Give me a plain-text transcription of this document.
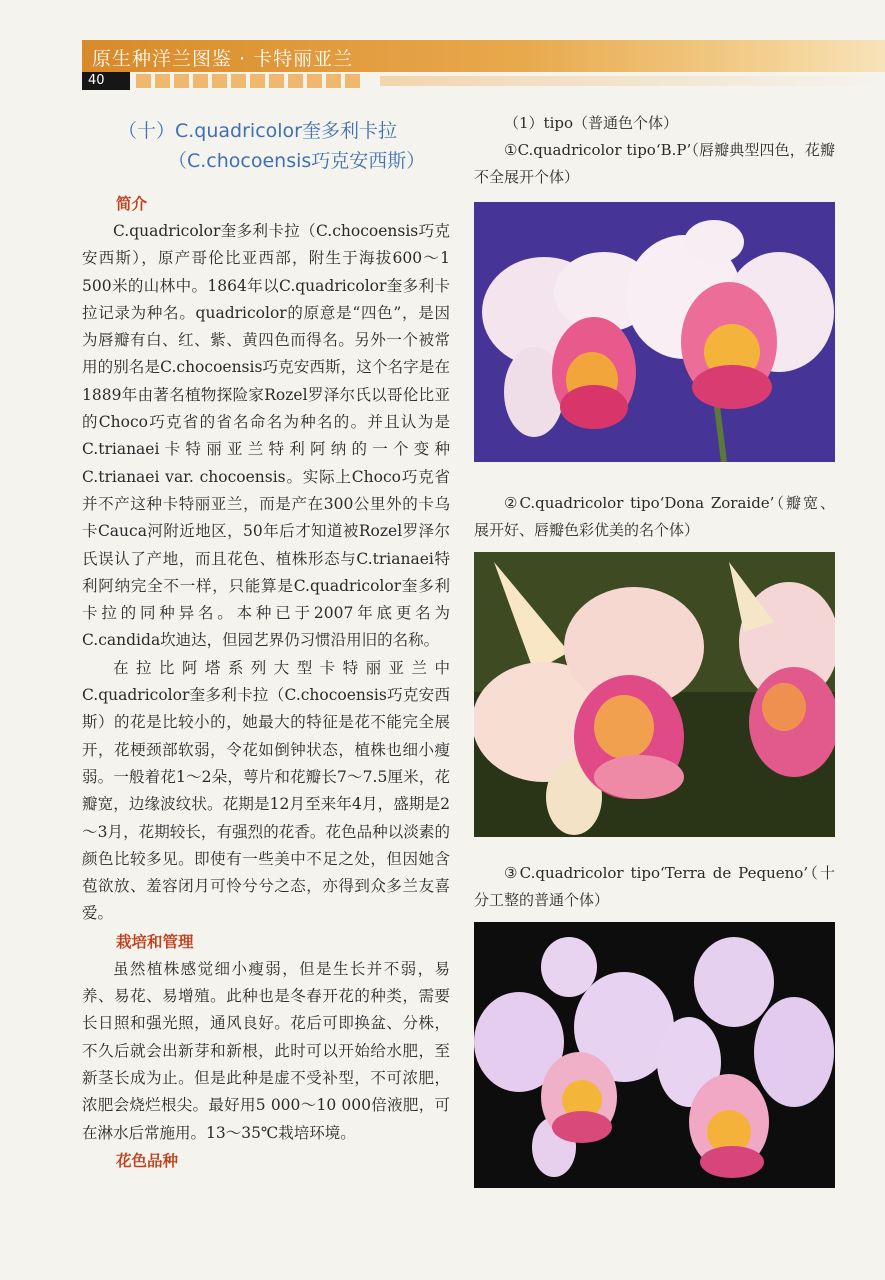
原生种洋兰图鉴 · 卡特丽亚兰
40
（十）C.quadricolor奎多利卡拉
（C.chocoensis巧克安西斯）
简介

C.quadricolor奎多利卡拉（C.chocoensis巧克安西斯），原产哥伦比亚西部，附生于海拔600～1 500米的山林中。1864年以C.quadricolor奎多利卡拉记录为种名。quadricolor的原意是“四色”，是因为唇瓣有白、红、紫、黄四色而得名。另外一个被常用的别名是C.chocoensis巧克安西斯，这个名字是在1889年由著名植物探险家Rozel罗泽尔氏以哥伦比亚的Choco巧克省的省名命名为种名的。并且认为是C.trianaei卡特丽亚兰特利阿纳的一个变种C.trianaei var. chocoensis。实际上Choco巧克省并不产这种卡特丽亚兰，而是产在300公里外的卡乌卡Cauca河附近地区，50年后才知道被Rozel罗泽尔氏误认了产地，而且花色、植株形态与C.trianaei特利阿纳完全不一样，只能算是C.quadricolor奎多利卡拉的同种异名。本种已于2007年底更名为C.candida坎迪达，但园艺界仍习惯沿用旧的名称。

在拉比阿塔系列大型卡特丽亚兰中C.quadricolor奎多利卡拉（C.chocoensis巧克安西斯）的花是比较小的，她最大的特征是花不能完全展开，花梗颈部软弱，令花如倒钟状态，植株也细小瘦弱。一般着花1～2朵，萼片和花瓣长7～7.5厘米，花瓣宽，边缘波纹状。花期是12月至来年4月，盛期是2～3月，花期较长，有强烈的花香。花色品种以淡素的颜色比较多见。即使有一些美中不足之处，但因她含苞欲放、羞容闭月可怜兮兮之态，亦得到众多兰友喜爱。

栽培和管理

虽然植株感觉细小瘦弱，但是生长并不弱，易养、易花、易增殖。此种也是冬春开花的种类，需要长日照和强光照，通风良好。花后可即换盆、分株，不久后就会出新芽和新根，此时可以开始给水肥，至新茎长成为止。但是此种是虚不受补型，不可浓肥，浓肥会烧烂根尖。最好用5 000～10 000倍液肥，可在淋水后常施用。13～35℃栽培环境。

花色品种
（1）tipo（普通色个体）

①C.quadricolor tipo‘B.P’（唇瓣典型四色，花瓣不全展开个体）

②C.quadricolor tipo‘Dona Zoraide’（瓣宽、展开好、唇瓣色彩优美的名个体）

③C.quadricolor tipo‘Terra de Pequeno’（十分工整的普通个体）
